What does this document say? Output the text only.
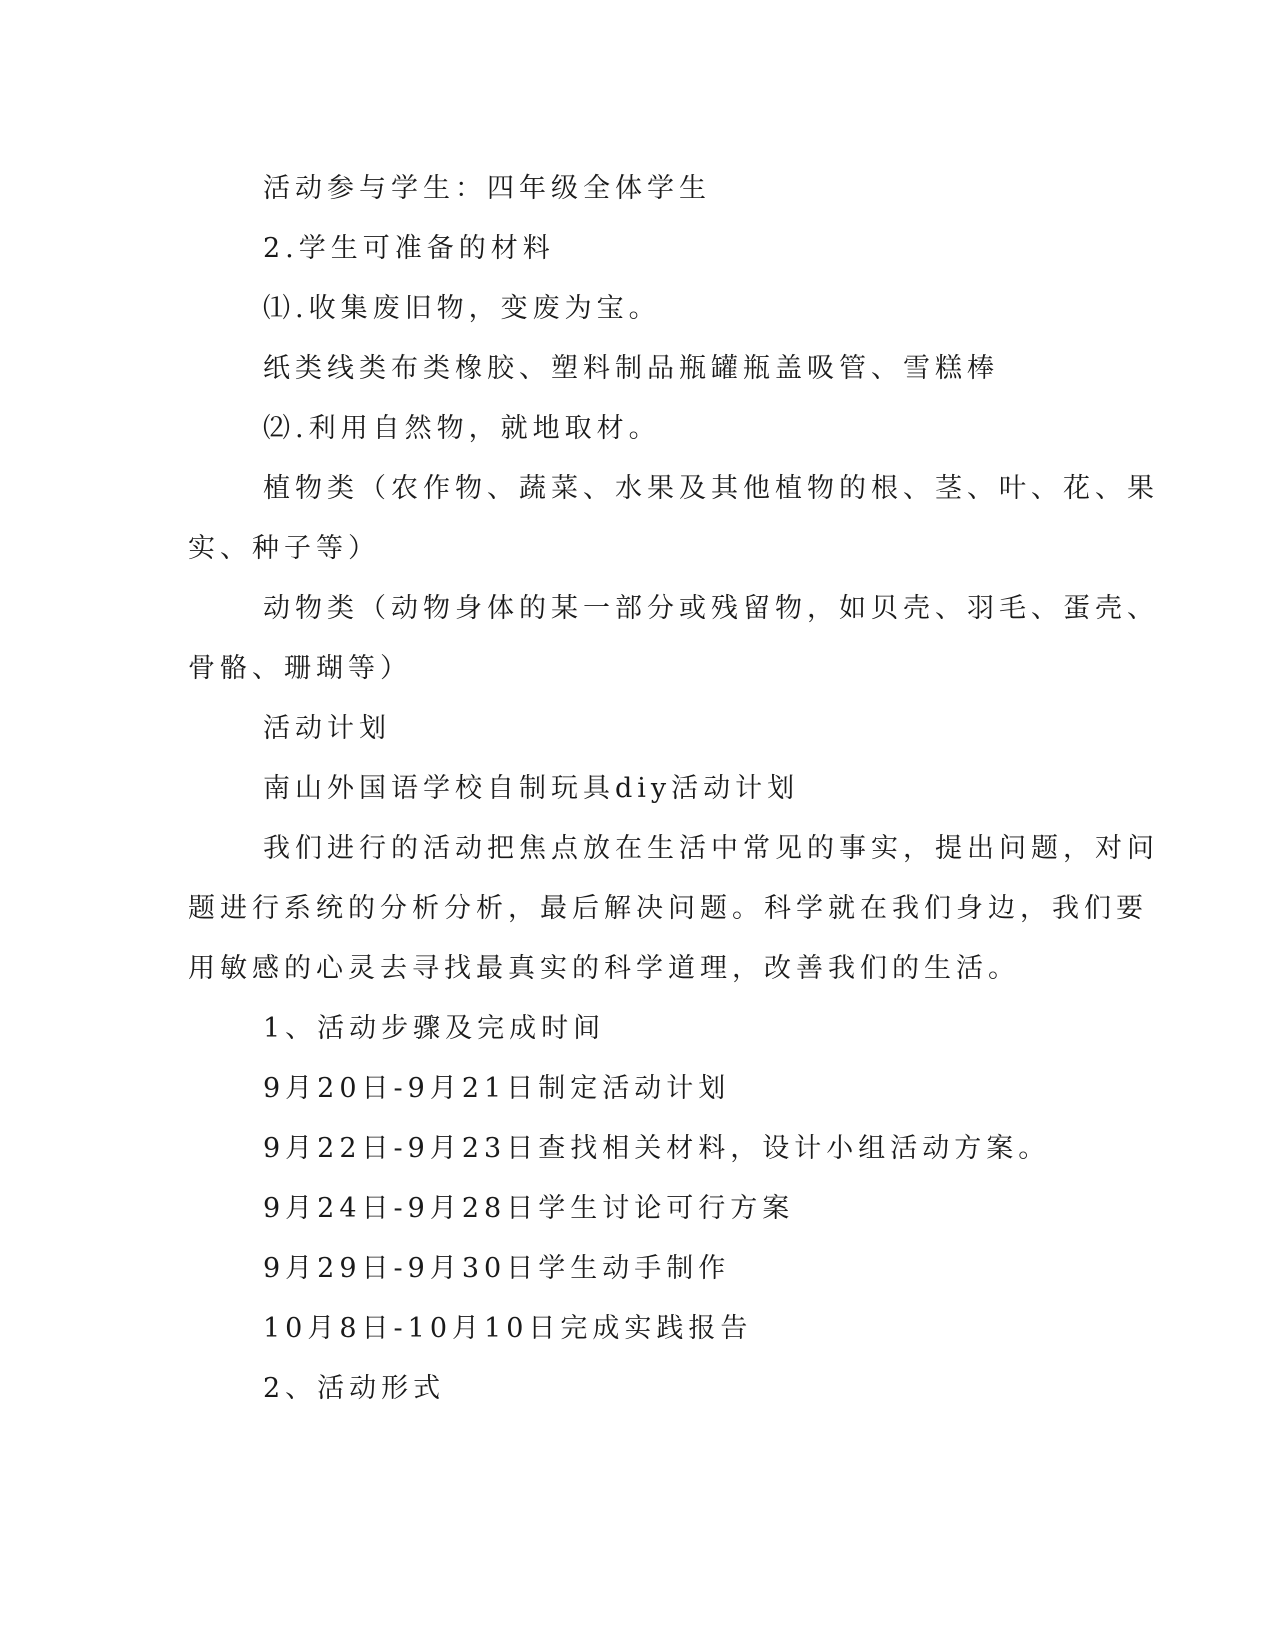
活动参与学生：四年级全体学生
2.学生可准备的材料
⑴.收集废旧物，变废为宝。
纸类线类布类橡胶、塑料制品瓶罐瓶盖吸管、雪糕棒
⑵.利用自然物，就地取材。
植物类（农作物、蔬菜、水果及其他植物的根、茎、叶、花、果
实、种子等）
动物类（动物身体的某一部分或残留物，如贝壳、羽毛、蛋壳、
骨骼、珊瑚等）
活动计划
南山外国语学校自制玩具diy活动计划
我们进行的活动把焦点放在生活中常见的事实，提出问题，对问
题进行系统的分析分析，最后解决问题。科学就在我们身边，我们要
用敏感的心灵去寻找最真实的科学道理，改善我们的生活。
1、活动步骤及完成时间
9月20日-9月21日制定活动计划
9月22日-9月23日查找相关材料，设计小组活动方案。
9月24日-9月28日学生讨论可行方案
9月29日-9月30日学生动手制作
10月8日-10月10日完成实践报告
2、活动形式
